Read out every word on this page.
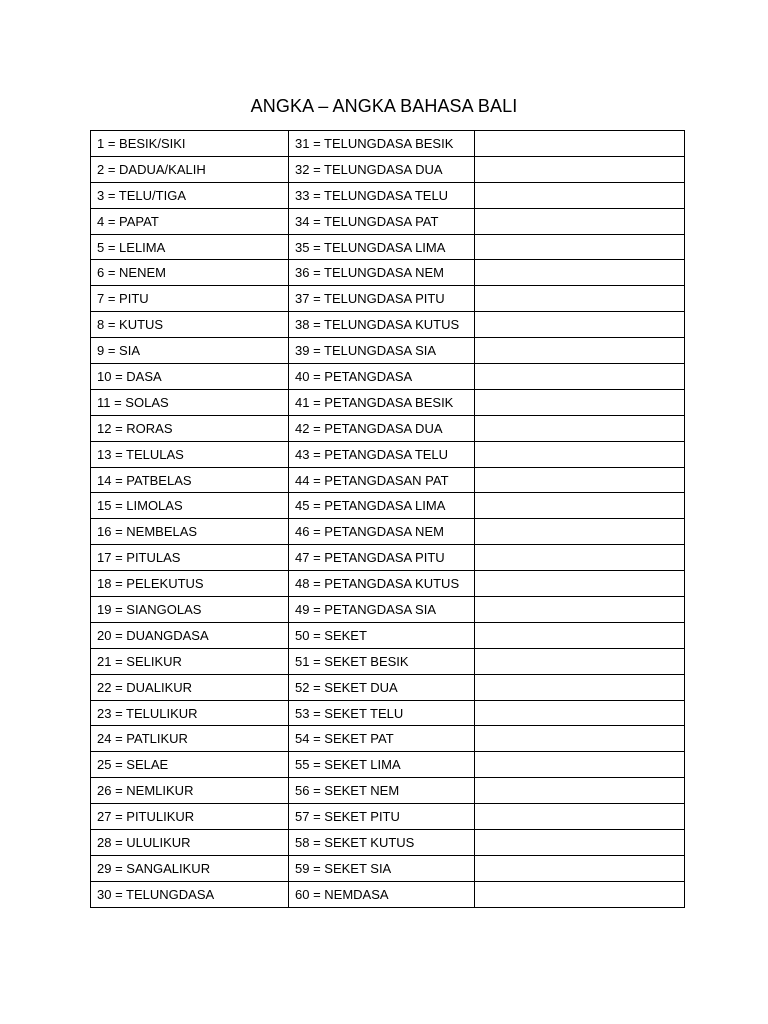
ANGKA – ANGKA BAHASA BALI
1 = BESIK/SIKI	31 = TELUNGDASA BESIK	
2 = DADUA/KALIH	32 = TELUNGDASA DUA	
3 = TELU/TIGA	33 = TELUNGDASA TELU	
4 = PAPAT	34 = TELUNGDASA PAT	
5 = LELIMA	35 = TELUNGDASA LIMA	
6 = NENEM	36 = TELUNGDASA NEM	
7 = PITU	37 = TELUNGDASA PITU	
8 = KUTUS	38 = TELUNGDASA KUTUS	
9 = SIA	39 = TELUNGDASA SIA	
10 = DASA	40 = PETANGDASA	
11 = SOLAS	41 = PETANGDASA BESIK	
12 = RORAS	42 = PETANGDASA DUA	
13 = TELULAS	43 = PETANGDASA TELU	
14 = PATBELAS	44 = PETANGDASAN PAT	
15 = LIMOLAS	45 = PETANGDASA LIMA	
16 = NEMBELAS	46 = PETANGDASA NEM	
17 = PITULAS	47 = PETANGDASA PITU	
18 = PELEKUTUS	48 = PETANGDASA KUTUS	
19 = SIANGOLAS	49 = PETANGDASA SIA	
20 = DUANGDASA	50 = SEKET	
21 = SELIKUR	51 = SEKET BESIK	
22 = DUALIKUR	52 = SEKET DUA	
23 = TELULIKUR	53 = SEKET TELU	
24 = PATLIKUR	54 = SEKET PAT	
25 = SELAE	55 = SEKET LIMA	
26 = NEMLIKUR	56 = SEKET NEM	
27 = PITULIKUR	57 = SEKET PITU	
28 = ULULIKUR	58 = SEKET KUTUS	
29 = SANGALIKUR	59 = SEKET SIA	
30 = TELUNGDASA	60 = NEMDASA	
